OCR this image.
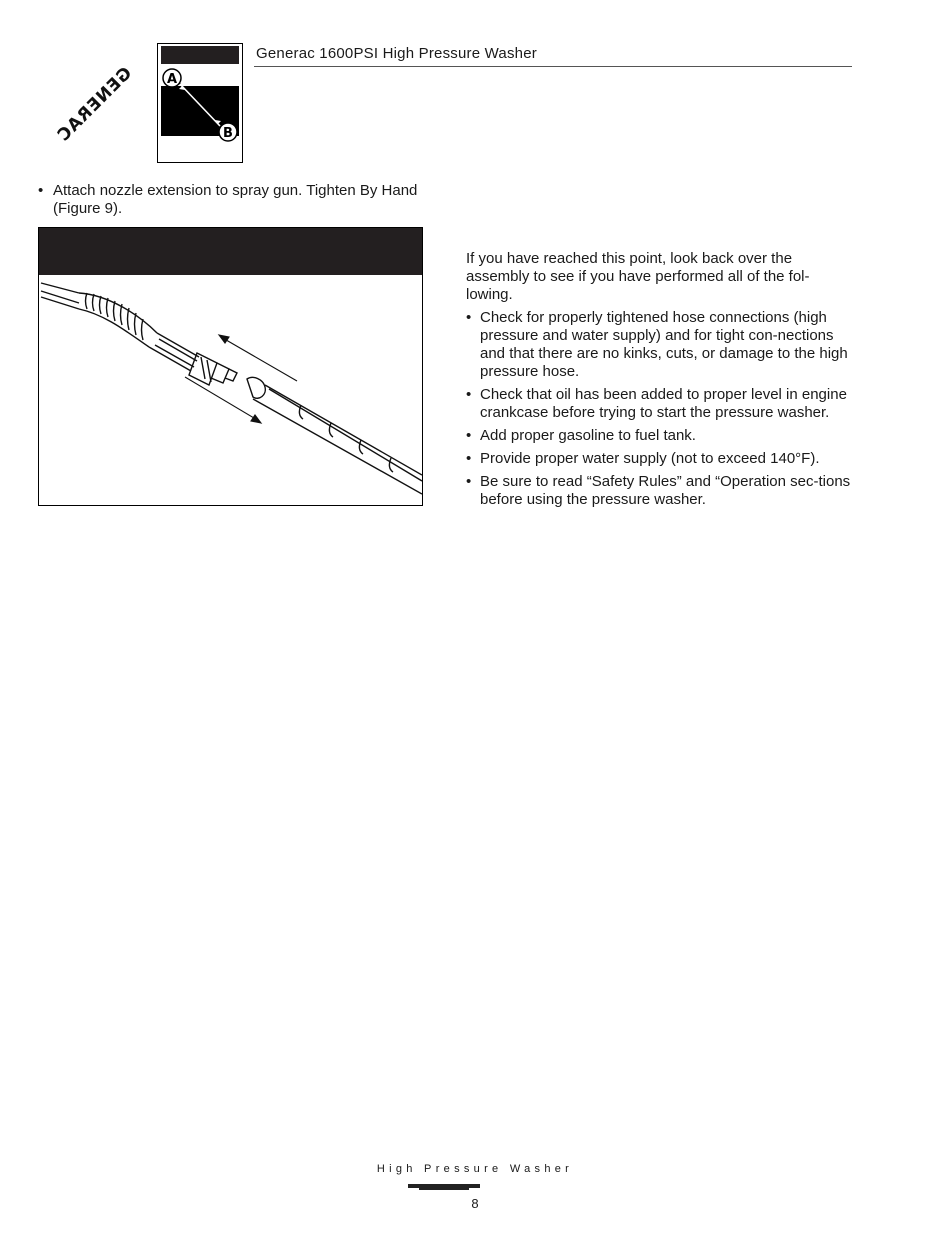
Generac 1600PSI High Pressure Washer
GENERAC A
B
• Attach nozzle extension to spray gun. Tighten By Hand (Figure 9).

If you have reached this point, look back over the assembly to see if you have performed all of the fol-lowing.

• Check for properly tightened hose connections (high pressure and water supply) and for tight con-nections and that there are no kinks, cuts, or damage to the high pressure hose.
• Check that oil has been added to proper level in engine crankcase before trying to start the pressure washer.
• Add proper gasoline to fuel tank.
• Provide proper water supply (not to exceed 140°F).
• Be sure to read “Safety Rules” and “Operation sec-tions before using the pressure washer.
High Pressure Washer
8
